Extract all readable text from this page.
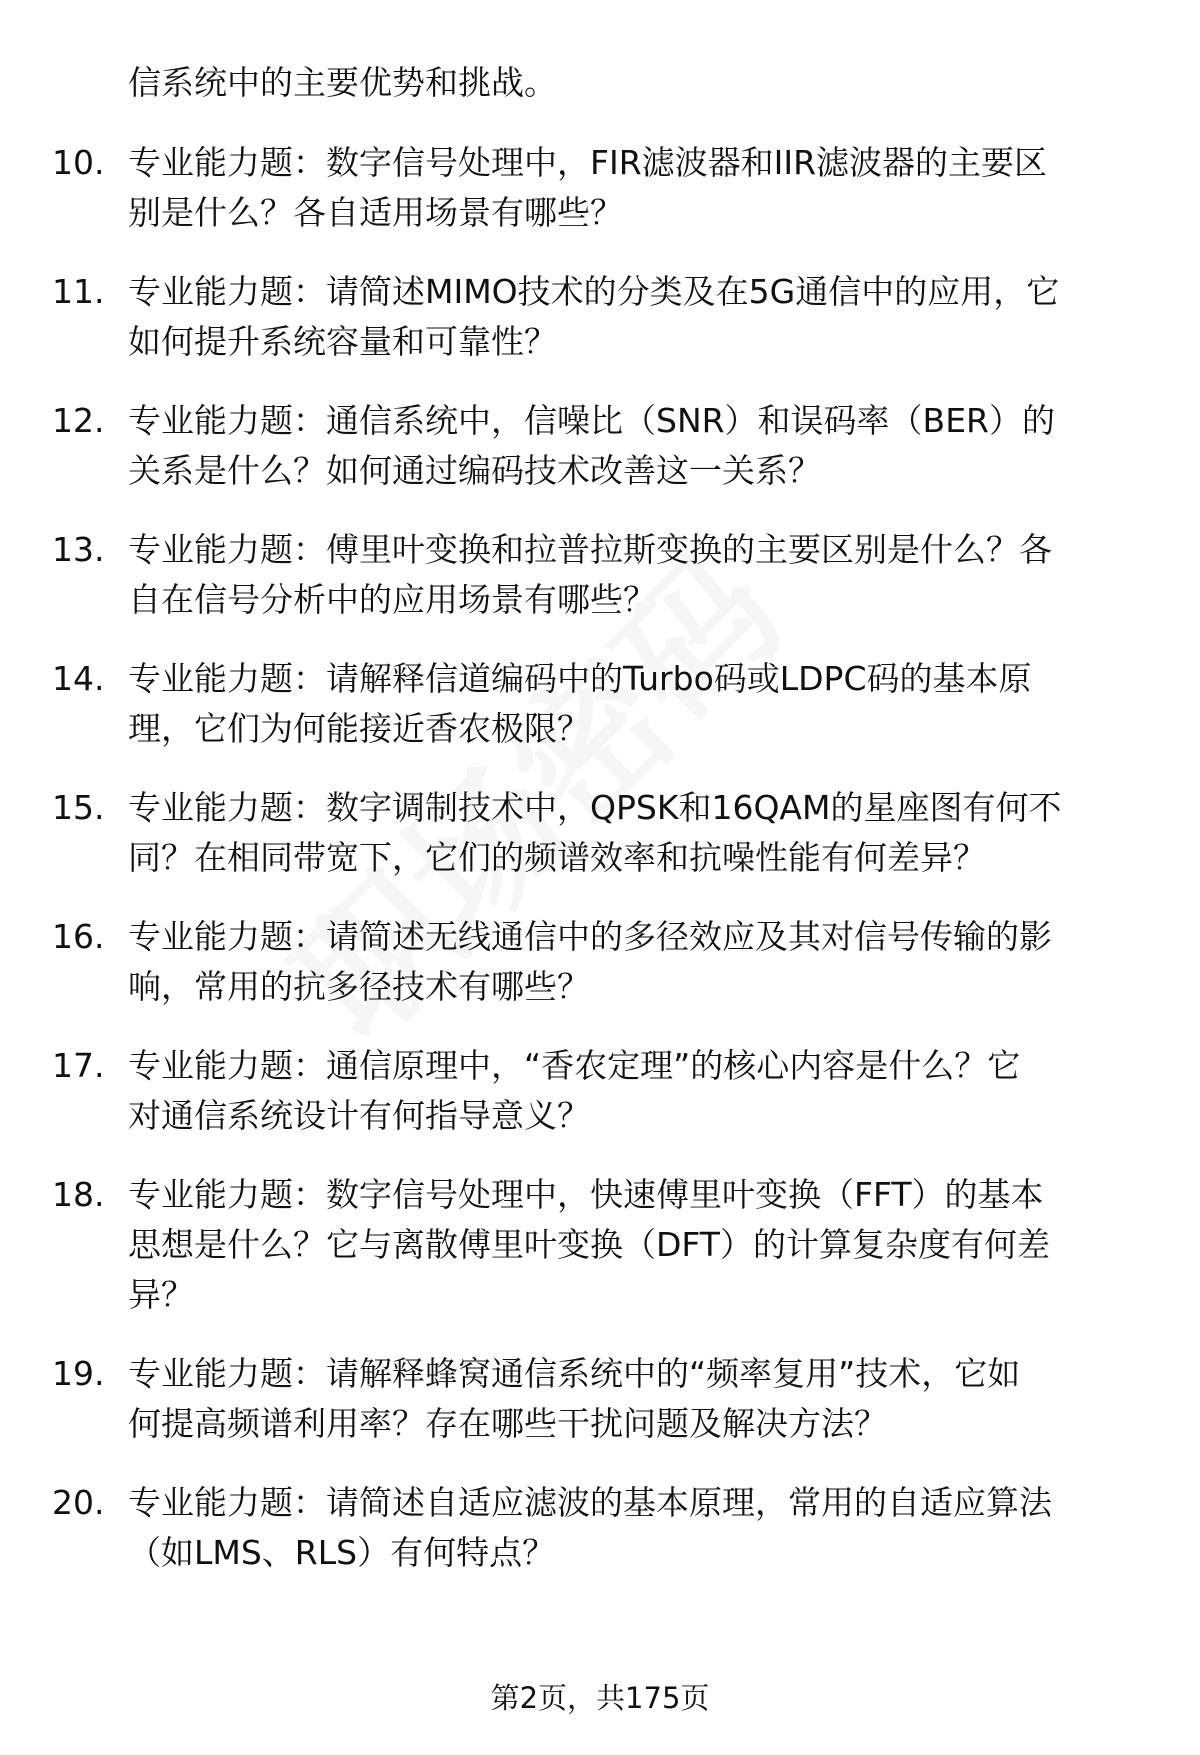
信系统中的主要优势和挑战。
10. 专业能力题：数字信号处理中，FIR滤波器和IIR滤波器的主要区
别是什么？各自适用场景有哪些？
11. 专业能力题：请简述MIMO技术的分类及在5G通信中的应用，它
如何提升系统容量和可靠性？
12. 专业能力题：通信系统中，信噪比（SNR）和误码率（BER）的
关系是什么？如何通过编码技术改善这一关系？
13. 专业能力题：傅里叶变换和拉普拉斯变换的主要区别是什么？各
自在信号分析中的应用场景有哪些？
14. 专业能力题：请解释信道编码中的Turbo码或LDPC码的基本原
理，它们为何能接近香农极限？
15. 专业能力题：数字调制技术中，QPSK和16QAM的星座图有何不
同？在相同带宽下，它们的频谱效率和抗噪性能有何差异？
16. 专业能力题：请简述无线通信中的多径效应及其对信号传输的影
响，常用的抗多径技术有哪些？
17. 专业能力题：通信原理中，“香农定理”的核心内容是什么？它
对通信系统设计有何指导意义？
18. 专业能力题：数字信号处理中，快速傅里叶变换（FFT）的基本
思想是什么？它与离散傅里叶变换（DFT）的计算复杂度有何差
异？
19. 专业能力题：请解释蜂窝通信系统中的“频率复用”技术，它如
何提高频谱利用率？存在哪些干扰问题及解决方法？
20. 专业能力题：请简述自适应滤波的基本原理，常用的自适应算法
（如LMS、RLS）有何特点？
第2页，共175页
